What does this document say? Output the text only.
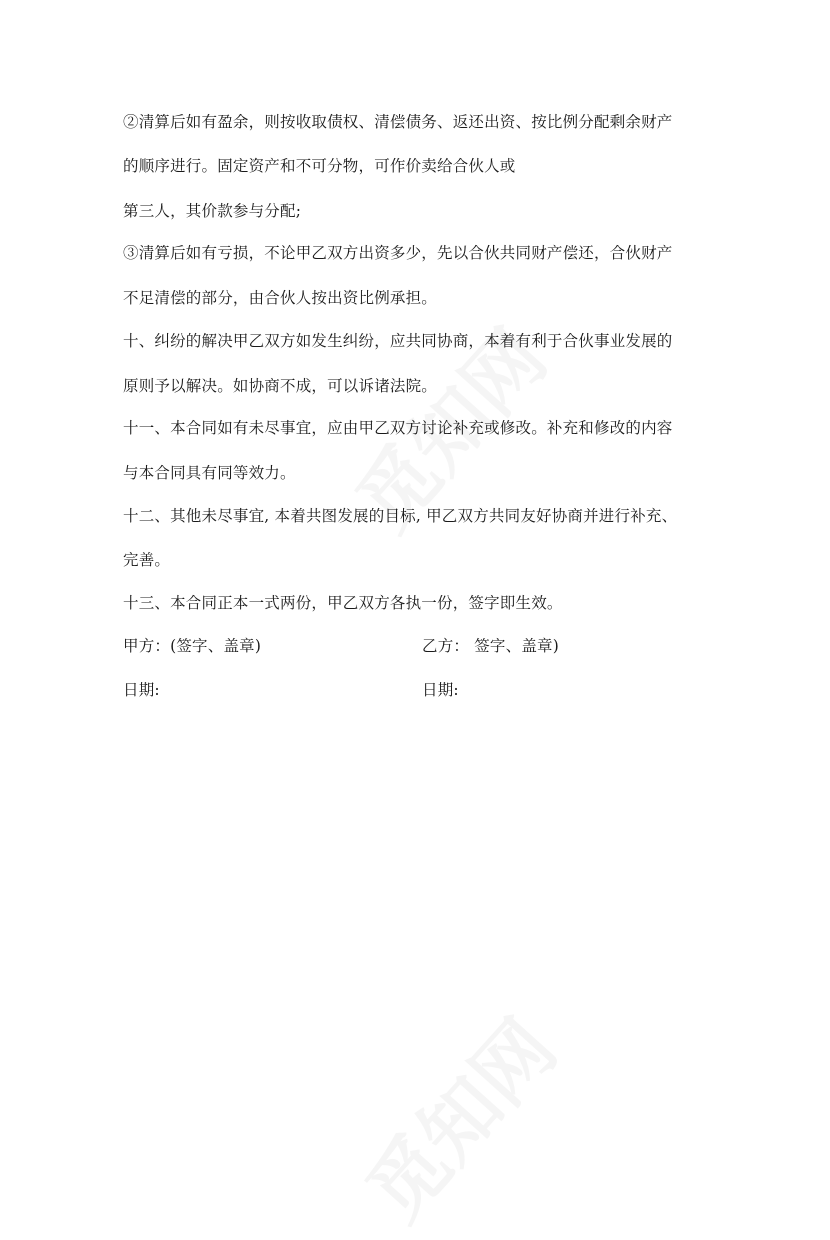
②清算后如有盈余，则按收取债权、清偿债务、返还出资、按比例分配剩余财产
的顺序进行。固定资产和不可分物，可作价卖给合伙人或
第三人，其价款参与分配;
③清算后如有亏损，不论甲乙双方出资多少，先以合伙共同财产偿还，合伙财产
不足清偿的部分，由合伙人按出资比例承担。
十、纠纷的解决甲乙双方如发生纠纷，应共同协商，本着有利于合伙事业发展的
原则予以解决。如协商不成，可以诉诸法院。
十一、本合同如有未尽事宜，应由甲乙双方讨论补充或修改。补充和修改的内容
与本合同具有同等效力。
十二、其他未尽事宜, 本着共图发展的目标, 甲乙双方共同友好协商并进行补充、
完善。
十三、本合同正本一式两份，甲乙双方各执一份，签字即生效。
甲方：(签字、盖章)	乙方： 签字、盖章)
日期:	日期:
